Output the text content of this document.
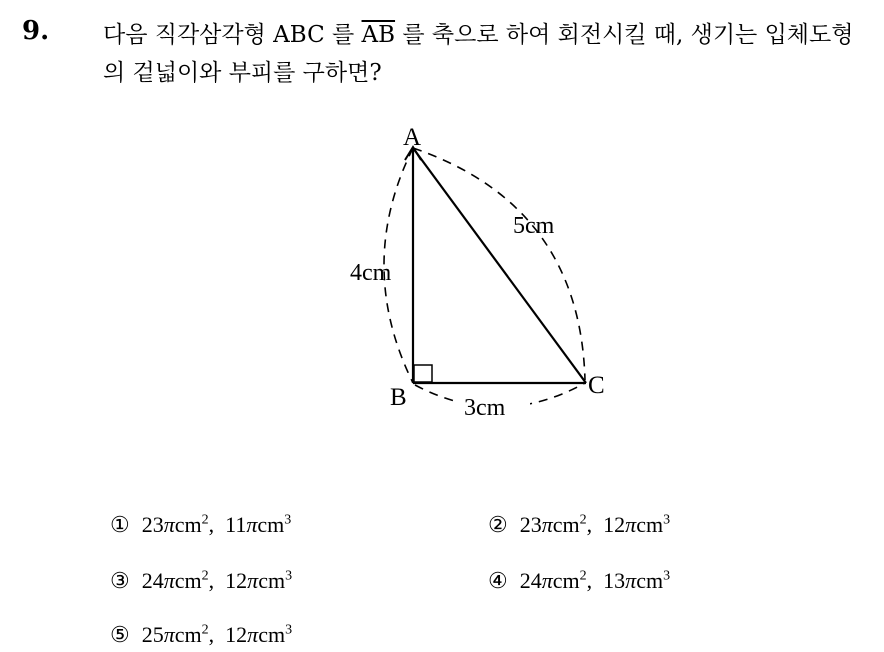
9. 다음 직각삼각형 ABC 를 $\overline{AB}$ 를 축으로 하여 회전시킬 때, 생기는 입체도형의 겉넓이와 부피를 구하면?
A
B	C
4cm
5cm
3cm
① 23πcm$^2$,  11πcm$^3$	② 23πcm$^2$,  12πcm$^3$
③ 24πcm$^2$,  12πcm$^3$	④ 24πcm$^2$,  13πcm$^3$
⑤ 25πcm$^2$,  12πcm$^3$
